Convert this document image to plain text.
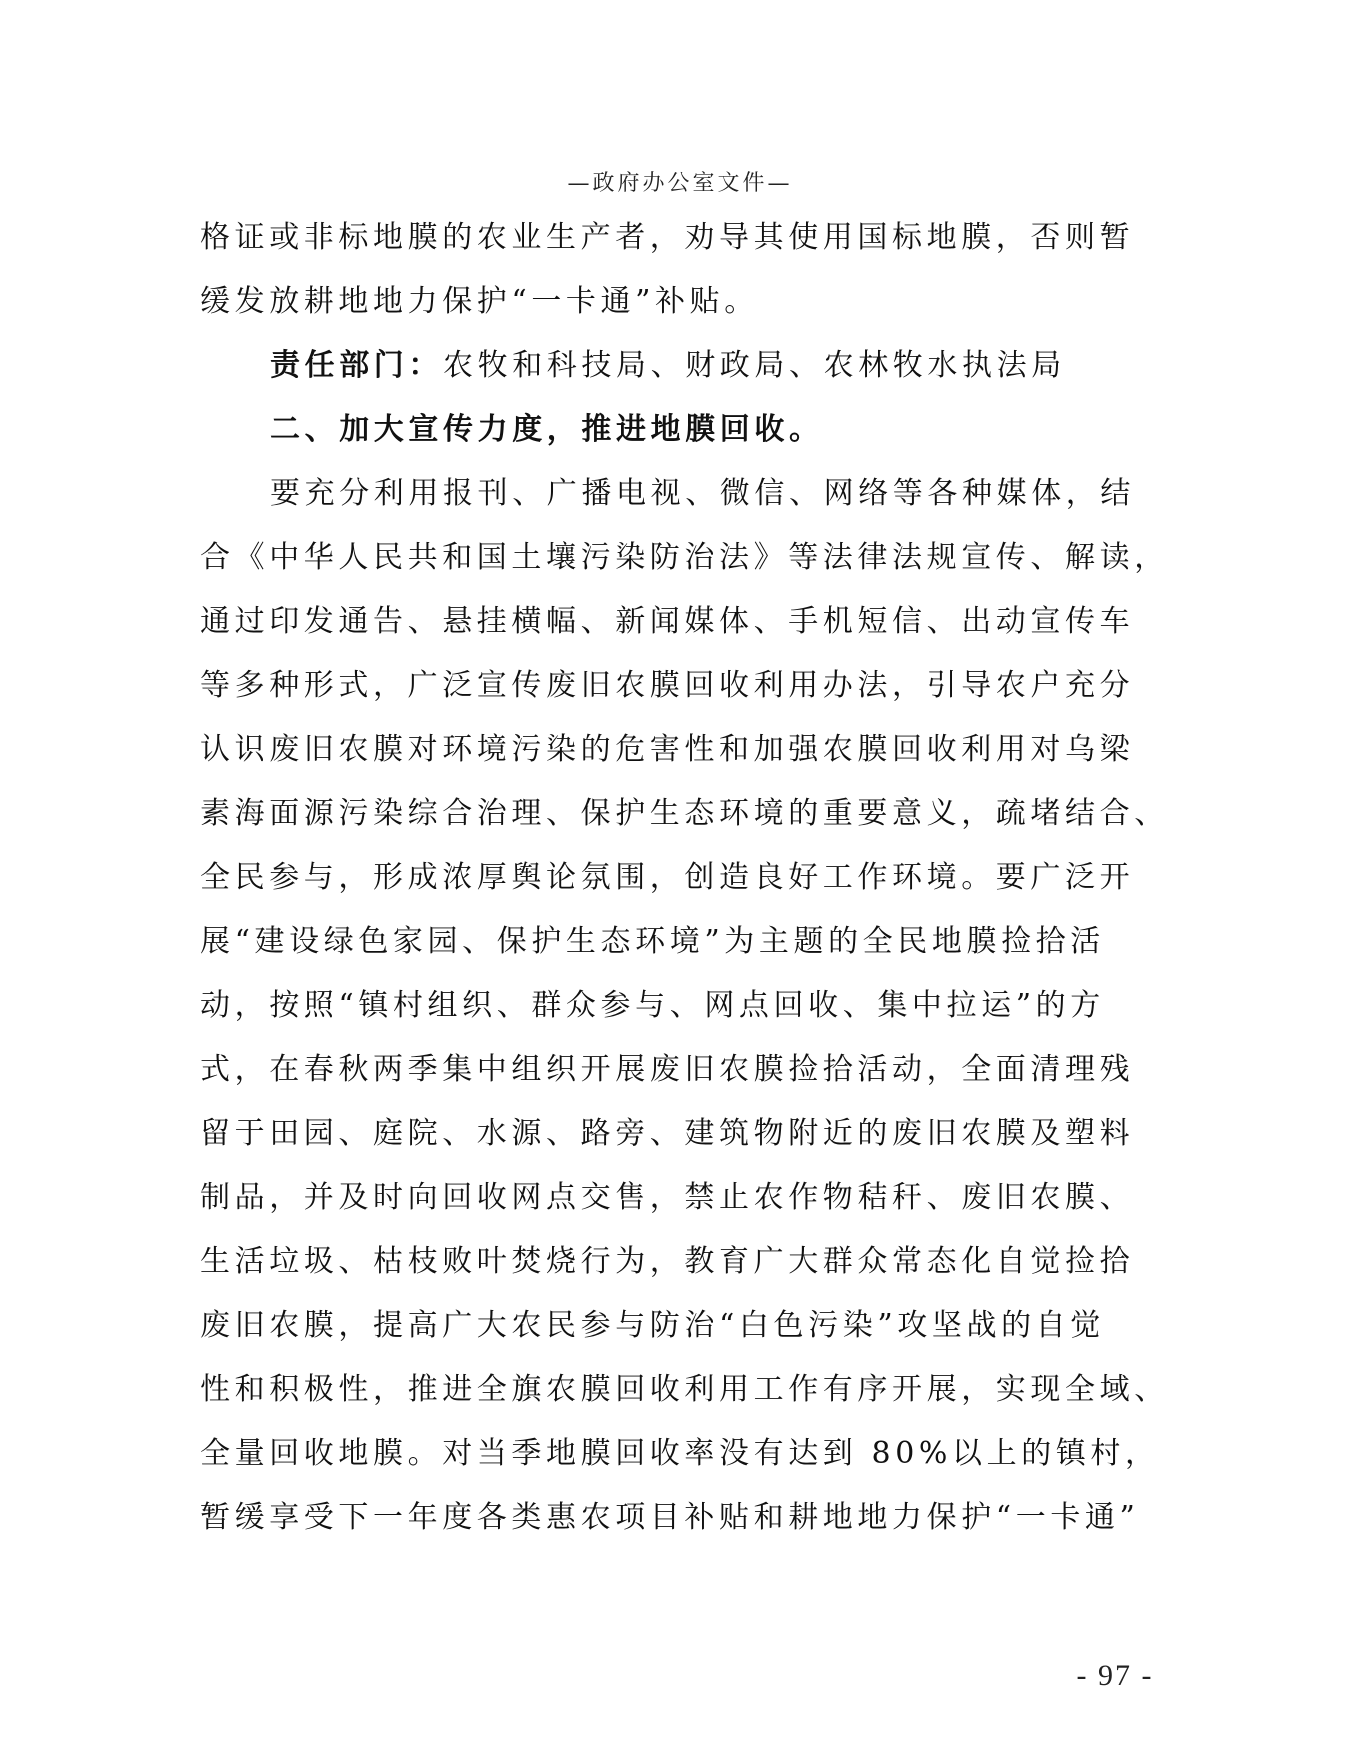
—政府办公室文件—
格证或非标地膜的农业生产者，劝导其使用国标地膜，否则暂
缓发放耕地地力保护“一卡通”补贴。
责任部门：农牧和科技局、财政局、农林牧水执法局
二、加大宣传力度，推进地膜回收。
要充分利用报刊、广播电视、微信、网络等各种媒体，结
合《中华人民共和国土壤污染防治法》等法律法规宣传、解读，
通过印发通告、悬挂横幅、新闻媒体、手机短信、出动宣传车
等多种形式，广泛宣传废旧农膜回收利用办法，引导农户充分
认识废旧农膜对环境污染的危害性和加强农膜回收利用对乌梁
素海面源污染综合治理、保护生态环境的重要意义，疏堵结合、
全民参与，形成浓厚舆论氛围，创造良好工作环境。要广泛开
展“建设绿色家园、保护生态环境”为主题的全民地膜捡拾活
动，按照“镇村组织、群众参与、网点回收、集中拉运”的方
式，在春秋两季集中组织开展废旧农膜捡拾活动，全面清理残
留于田园、庭院、水源、路旁、建筑物附近的废旧农膜及塑料
制品，并及时向回收网点交售，禁止农作物秸秆、废旧农膜、
生活垃圾、枯枝败叶焚烧行为，教育广大群众常态化自觉捡拾
废旧农膜，提高广大农民参与防治“白色污染”攻坚战的自觉
性和积极性，推进全旗农膜回收利用工作有序开展，实现全域、
全量回收地膜。对当季地膜回收率没有达到 80%以上的镇村，
暂缓享受下一年度各类惠农项目补贴和耕地地力保护“一卡通”
- 97 -
